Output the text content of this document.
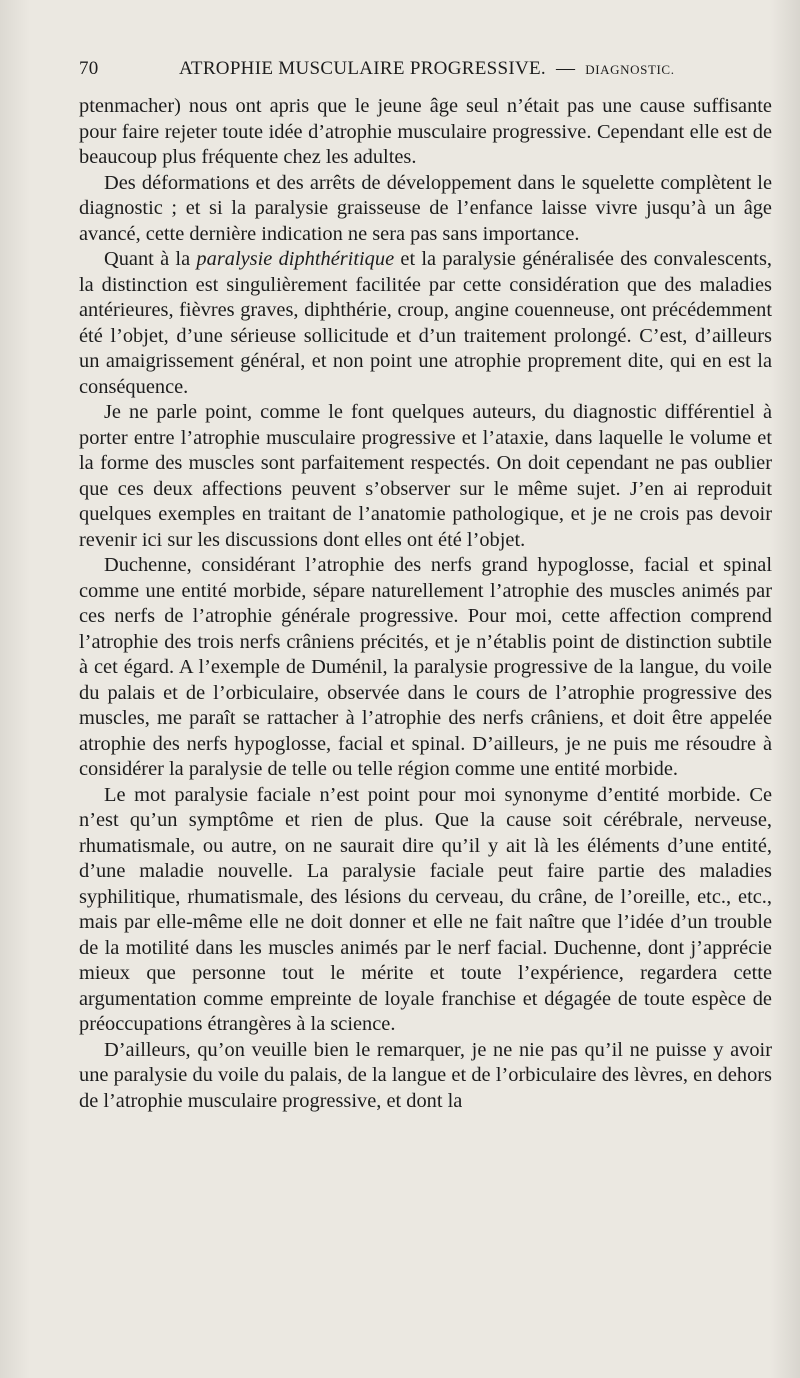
70	ATROPHIE MUSCULAIRE PROGRESSIVE. — DIAGNOSTIC.

ptenmacher) nous ont apris que le jeune âge seul n’était pas une cause suffisante pour faire rejeter toute idée d’atrophie musculaire progressive. Cependant elle est de beaucoup plus fréquente chez les adultes.

Des déformations et des arrêts de développement dans le squelette complètent le diagnostic ; et si la paralysie graisseuse de l’enfance laisse vivre jusqu’à un âge avancé, cette dernière indication ne sera pas sans importance.

Quant à la paralysie diphthéritique et la paralysie généralisée des convalescents, la distinction est singulièrement facilitée par cette considération que des maladies antérieures, fièvres graves, diphthérie, croup, angine couenneuse, ont précédemment été l’objet, d’une sérieuse sollicitude et d’un traitement prolongé. C’est, d’ailleurs un amaigrissement général, et non point une atrophie proprement dite, qui en est la conséquence.

Je ne parle point, comme le font quelques auteurs, du diagnostic différentiel à porter entre l’atrophie musculaire progressive et l’ataxie, dans laquelle le volume et la forme des muscles sont parfaitement respectés. On doit cependant ne pas oublier que ces deux affections peuvent s’observer sur le même sujet. J’en ai reproduit quelques exemples en traitant de l’anatomie pathologique, et je ne crois pas devoir revenir ici sur les discussions dont elles ont été l’objet.

Duchenne, considérant l’atrophie des nerfs grand hypoglosse, facial et spinal comme une entité morbide, sépare naturellement l’atrophie des muscles animés par ces nerfs de l’atrophie générale progressive. Pour moi, cette affection comprend l’atrophie des trois nerfs crâniens précités, et je n’établis point de distinction subtile à cet égard. A l’exemple de Duménil, la paralysie progressive de la langue, du voile du palais et de l’orbiculaire, observée dans le cours de l’atrophie progressive des muscles, me paraît se rattacher à l’atrophie des nerfs crâniens, et doit être appelée atrophie des nerfs hypoglosse, facial et spinal. D’ailleurs, je ne puis me résoudre à considérer la paralysie de telle ou telle région comme une entité morbide.

Le mot paralysie faciale n’est point pour moi synonyme d’entité morbide. Ce n’est qu’un symptôme et rien de plus. Que la cause soit cérébrale, nerveuse, rhumatismale, ou autre, on ne saurait dire qu’il y ait là les éléments d’une entité, d’une maladie nouvelle. La paralysie faciale peut faire partie des maladies syphilitique, rhumatismale, des lésions du cerveau, du crâne, de l’oreille, etc., etc., mais par elle-même elle ne doit donner et elle ne fait naître que l’idée d’un trouble de la motilité dans les muscles animés par le nerf facial. Duchenne, dont j’apprécie mieux que personne tout le mérite et toute l’expérience, regardera cette argumentation comme empreinte de loyale franchise et dégagée de toute espèce de préoccupations étrangères à la science.

D’ailleurs, qu’on veuille bien le remarquer, je ne nie pas qu’il ne puisse y avoir une paralysie du voile du palais, de la langue et de l’orbiculaire des lèvres, en dehors de l’atrophie musculaire progressive, et dont la
